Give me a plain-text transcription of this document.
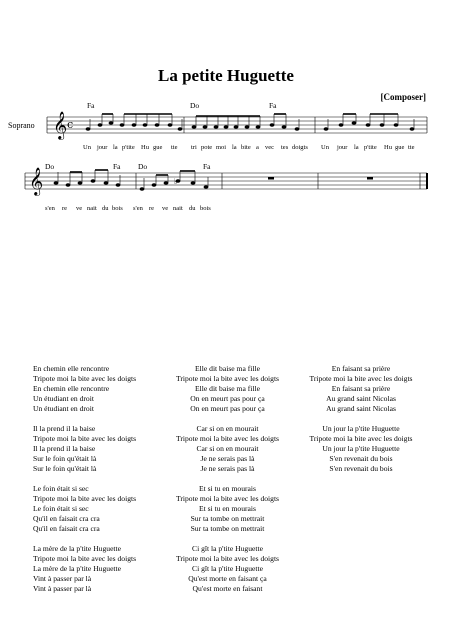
La petite Huguette
[Composer]
Soprano
Fa	Do	Fa
Do	Fa Do	Fa
𝄞 c
𝄞	♭
Un jour la p'tite Hu gue tte tri pote moi la bite a vec tes doigts Un jour la p'tite Hu gue tte
s'en re ve nait du bois s'en re ve nait du bois
En chemin elle rencontre
Tripote moi la bite avec les doigts
En chemin elle rencontre
Un étudiant en droit
Un étudiant en droit
Il la prend il la baise
Tripote moi la bite avec les doigts
Il la prend il la baise
Sur le foin qu'était là
Sur le foin qu'était là
Le foin était si sec
Tripote moi la bite avec les doigts
Le foin était si sec
Qu'il en faisait cra cra
Qu'il en faisait cra cra
La mère de la p'tite Huguette
Tripote moi la bite avec les doigts
La mère de la p'tite Huguette
Vint à passer par là
Vint à passer par là
Elle dit baise ma fille
Tripote moi la bite avec les doigts
Elle dit baise ma fille
On en meurt pas pour ça
On en meurt pas pour ça
Car si on en mourait
Tripote moi la bite avec les doigts
Car si on en mourait
Je ne serais pas là
Je ne serais pas là
Et si tu en mourais
Tripote moi la bite avec les doigts
Et si tu en mourais
Sur ta tombe on mettrait
Sur ta tombe on mettrait
Ci gît la p'tite Huguette
Tripote moi la bite avec les doigts
Ci gît la p'tite Huguette
Qu'est morte en faisant ça
Qu'est morte en faisant
En faisant sa prière
Tripote moi la bite avec les doigts
En faisant sa prière
Au grand saint Nicolas
Au grand saint Nicolas
Un jour la p'tite Huguette
Tripote moi la bite avec les doigts
Un jour la p'tite Huguette
S'en revenait du bois
S'en revenait du bois
